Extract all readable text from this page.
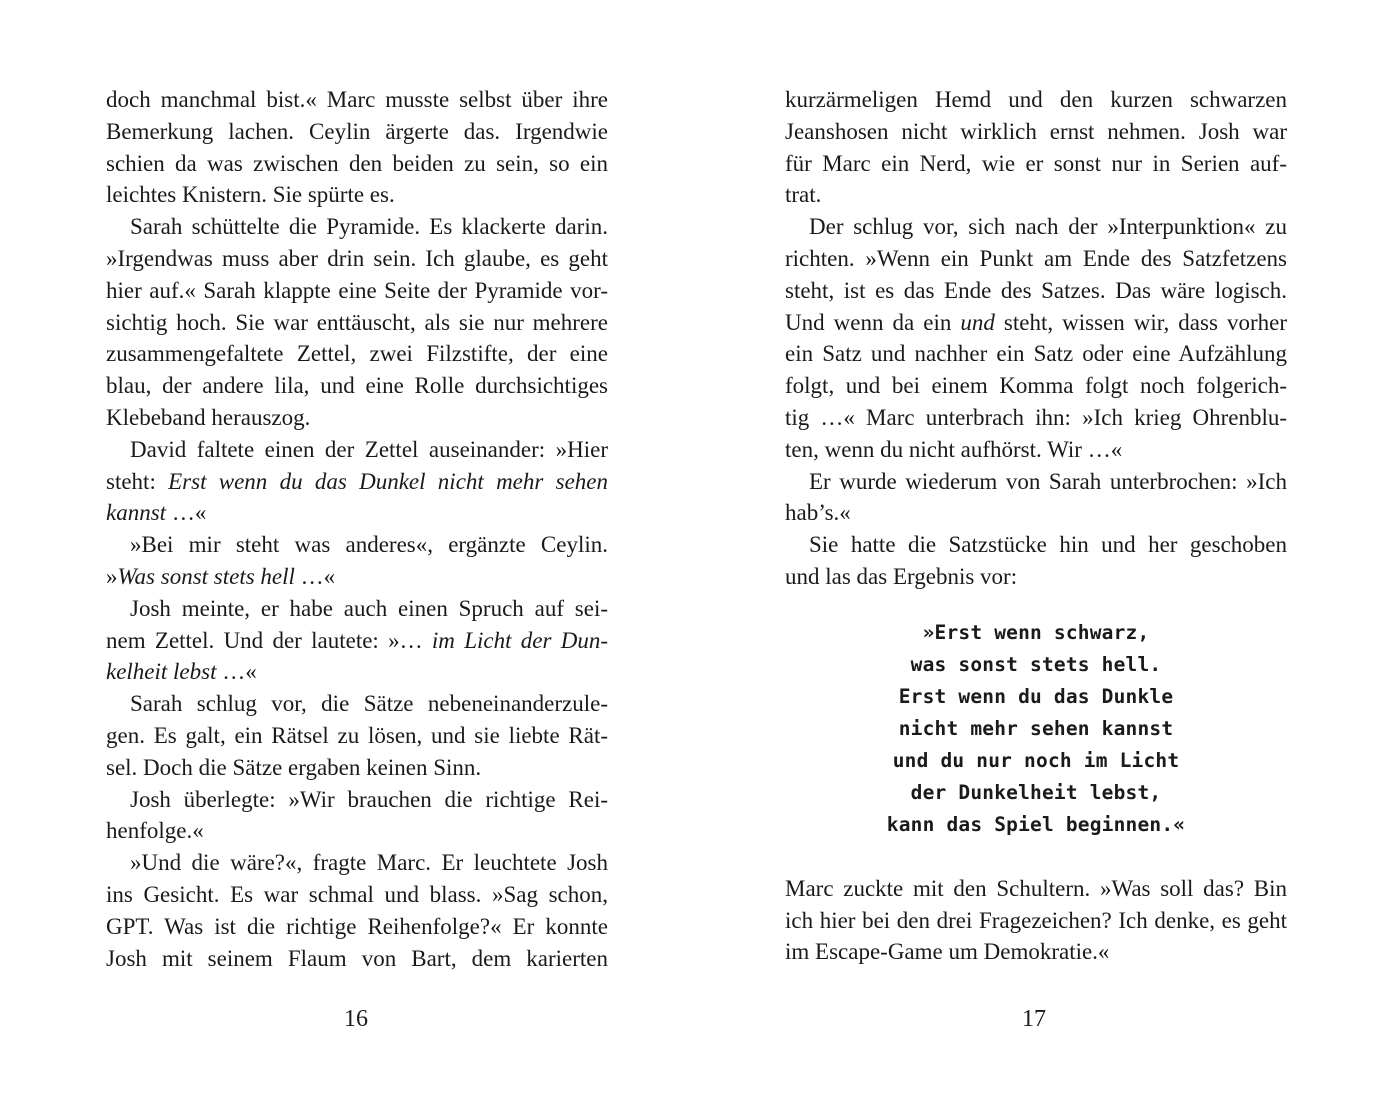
doch manchmal bist.« Marc musste selbst über ihre
Bemerkung lachen. Ceylin ärgerte das. Irgendwie
schien da was zwischen den beiden zu sein, so ein
leichtes Knistern. Sie spürte es.
Sarah schüttelte die Pyramide. Es klackerte darin.
»Irgendwas muss aber drin sein. Ich glaube, es geht
hier auf.« Sarah klappte eine Seite der Pyramide vor-
sichtig hoch. Sie war enttäuscht, als sie nur mehrere
zusammengefaltete Zettel, zwei Filzstifte, der eine
blau, der andere lila, und eine Rolle durchsichtiges
Klebeband herauszog.
David faltete einen der Zettel auseinander: »Hier
steht: Erst wenn du das Dunkel nicht mehr sehen
kannst …«
»Bei mir steht was anderes«, ergänzte Ceylin.
»Was sonst stets hell …«
Josh meinte, er habe auch einen Spruch auf sei-
nem Zettel. Und der lautete: »… im Licht der Dun-
kelheit lebst …«
Sarah schlug vor, die Sätze nebeneinanderzule-
gen. Es galt, ein Rätsel zu lösen, und sie liebte Rät-
sel. Doch die Sätze ergaben keinen Sinn.
Josh überlegte: »Wir brauchen die richtige Rei-
henfolge.«
»Und die wäre?«, fragte Marc. Er leuchtete Josh
ins Gesicht. Es war schmal und blass. »Sag schon,
GPT. Was ist die richtige Reihenfolge?« Er konnte
Josh mit seinem Flaum von Bart, dem karierten
16
kurzärmeligen Hemd und den kurzen schwarzen
Jeanshosen nicht wirklich ernst nehmen. Josh war
für Marc ein Nerd, wie er sonst nur in Serien auf-
trat.
Der schlug vor, sich nach der »Interpunktion« zu
richten. »Wenn ein Punkt am Ende des Satzfetzens
steht, ist es das Ende des Satzes. Das wäre logisch.
Und wenn da ein und steht, wissen wir, dass vorher
ein Satz und nachher ein Satz oder eine Aufzählung
folgt, und bei einem Komma folgt noch folgerich-
tig …« Marc unterbrach ihn: »Ich krieg Ohrenblu-
ten, wenn du nicht aufhörst. Wir …«
Er wurde wiederum von Sarah unterbrochen: »Ich
hab’s.«
Sie hatte die Satzstücke hin und her geschoben
und las das Ergebnis vor:
»Erst wenn schwarz,
was sonst stets hell.
Erst wenn du das Dunkle
nicht mehr sehen kannst
und du nur noch im Licht
der Dunkelheit lebst,
kann das Spiel beginnen.«
Marc zuckte mit den Schultern. »Was soll das? Bin
ich hier bei den drei Fragezeichen? Ich denke, es geht
im Escape-Game um Demokratie.«
17
